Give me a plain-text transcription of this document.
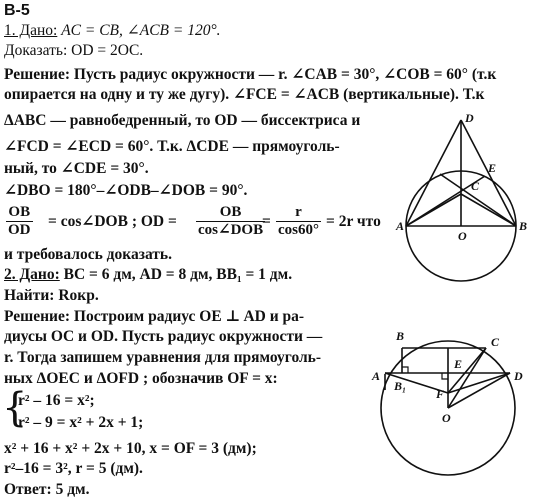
В-5
1. Дано: AC = CB, ∠ACB = 120°.
Доказать: OD = 2OC.
Решение: Пусть радиус окружности — r. ∠CAB = 30°, ∠COB = 60° (т.к
опирается на одну и ту же дугу). ∠FCE = ∠ACB (вертикальные). Т.к
ΔABC — равнобедренный, то OD — биссектриса и
∠FCD = ∠ECD = 60°. Т.к. ΔCDE — прямоуголь-
ный, то ∠CDE = 30°.
∠DBO = 180°–∠ODB–∠DOB = 90°.
$\frac{OB}{OD}$ = cos∠DOB ; OD =
OB
cos∠DOB
= $\frac{r}{\cos 60^\circ} = 2r$ что
и требовалось доказать.
2. Дано: BC = 6 дм, AD = 8 дм, BB₁ = 1 дм.
Найти: Rокр.
Решение: Построим радиус OE ⊥ AD и ра-
диусы OC и OD. Пусть радиус окружности —
r. Тогда запишем уравнения для прямоуголь-
ных ΔOEC и ΔOFD ; обозначив OF = x:
{
r² – 16 = x²;
r² – 9 = x² + 2x + 1;
x² + 16 + x² + 2x + 10, x = OF = 3 (дм);
r²–16 = 3², r = 5 (дм).
Ответ: 5 дм.
D
E
C
A
O
B
B	C
E
A
B₁
F
D
O
